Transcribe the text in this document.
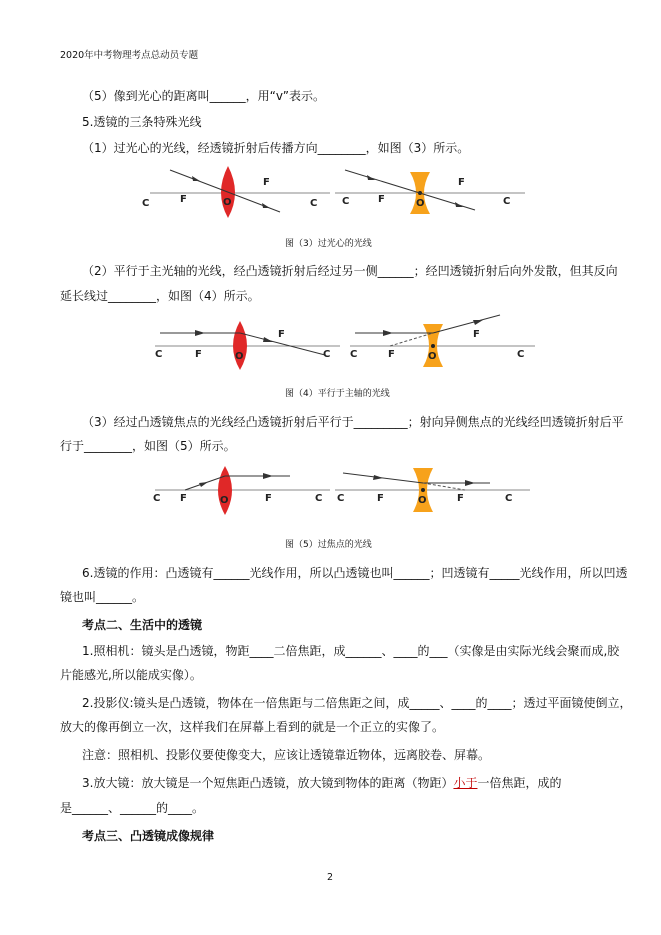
2020年中考物理考点总动员专题
（5）像到光心的距离叫______，用“v”表示。
5.透镜的三条特殊光线
（1）过光心的光线，经透镜折射后传播方向________，如图（3）所示。
C	F
F
O	C C	F
F
O	C
图（3）过光心的光线
（2）平行于主光轴的光线，经凸透镜折射后经过另一侧______；经凹透镜折射后向外发散，但其反向
延长线过________，如图（4）所示。
C	F
F
O	C C	F
F
O	C
图（4）平行于主轴的光线
（3）经过凸透镜焦点的光线经凸透镜折射后平行于_________；射向异侧焦点的光线经凹透镜折射后平
行于________，如图（5）所示。
C F	F
O	C C	F	F
O	C
图（5）过焦点的光线
6.透镜的作用：凸透镜有______光线作用，所以凸透镜也叫______；凹透镜有_____光线作用，所以凹透
镜也叫______。
考点二、生活中的透镜
1.照相机：镜头是凸透镜，物距____二倍焦距，成______、____的___（实像是由实际光线会聚而成,胶
片能感光,所以能成实像）。
2.投影仪:镜头是凸透镜，物体在一倍焦距与二倍焦距之间，成_____、____的____；透过平面镜使倒立，
放大的像再倒立一次，这样我们在屏幕上看到的就是一个正立的实像了。
注意：照相机、投影仪要使像变大，应该让透镜靠近物体，远离胶卷、屏幕。
3.放大镜：放大镜是一个短焦距凸透镜，放大镜到物体的距离（物距）小于一倍焦距，成的
是______、______的____。
考点三、凸透镜成像规律
2
